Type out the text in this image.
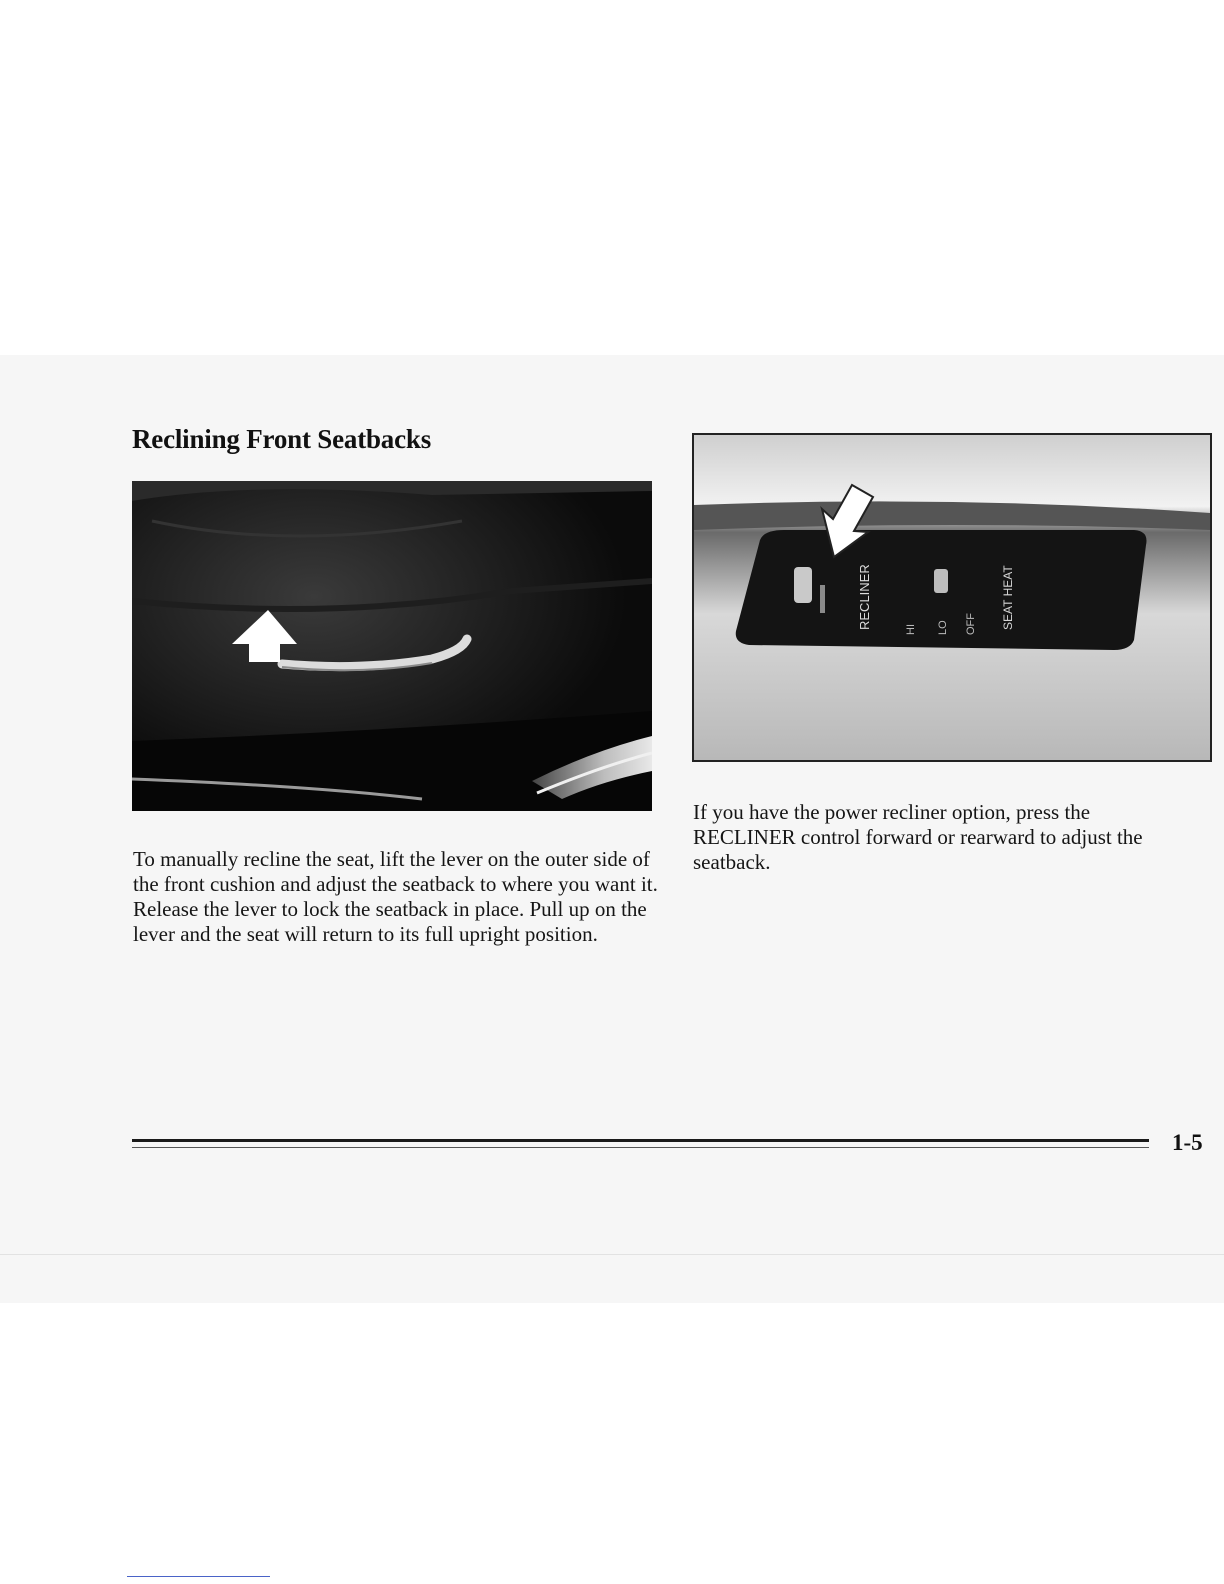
Reclining Front Seatbacks
RECLINER	HI LO OFF SEAT HEAT

To manually recline the seat, lift the lever on the outer side of the front cushion and adjust the seatback to where you want it. Release the lever to lock the seatback in place. Pull up on the lever and the seat will return to its full upright position.

If you have the power recliner option, press the RECLINER control forward or rearward to adjust the seatback.

1-5
